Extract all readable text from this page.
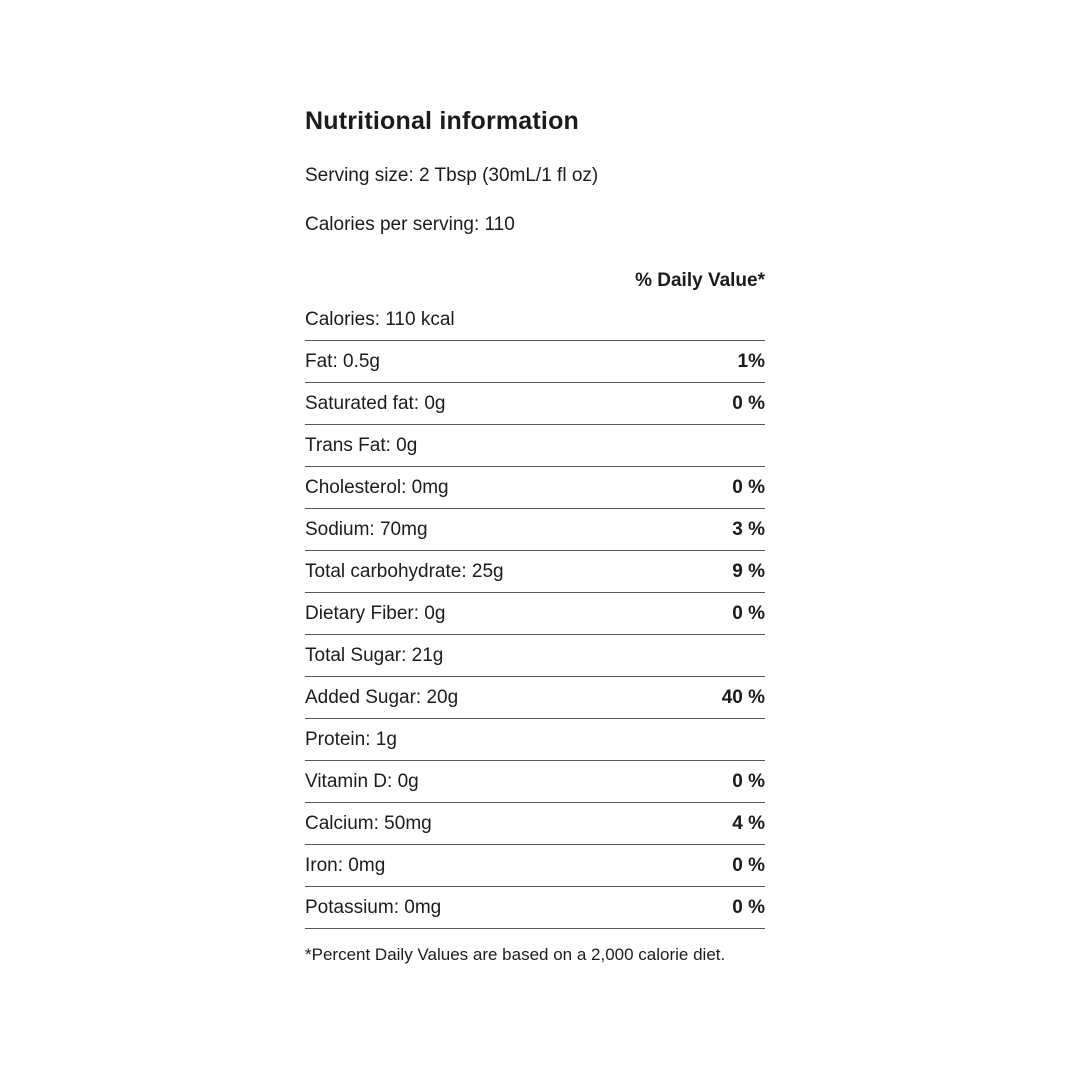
Nutritional information

Serving size: 2 Tbsp (30mL/1 fl oz)

Calories per serving: 110

% Daily Value*
Calories: 110 kcal
Fat: 0.5g	1%
Saturated fat: 0g	0 %
Trans Fat: 0g
Cholesterol: 0mg	0 %
Sodium: 70mg	3 %
Total carbohydrate: 25g	9 %
Dietary Fiber: 0g	0 %
Total Sugar: 21g
Added Sugar: 20g	40 %
Protein: 1g
Vitamin D: 0g	0 %
Calcium: 50mg	4 %
Iron: 0mg	0 %
Potassium: 0mg	0 %

*Percent Daily Values are based on a 2,000 calorie diet.
